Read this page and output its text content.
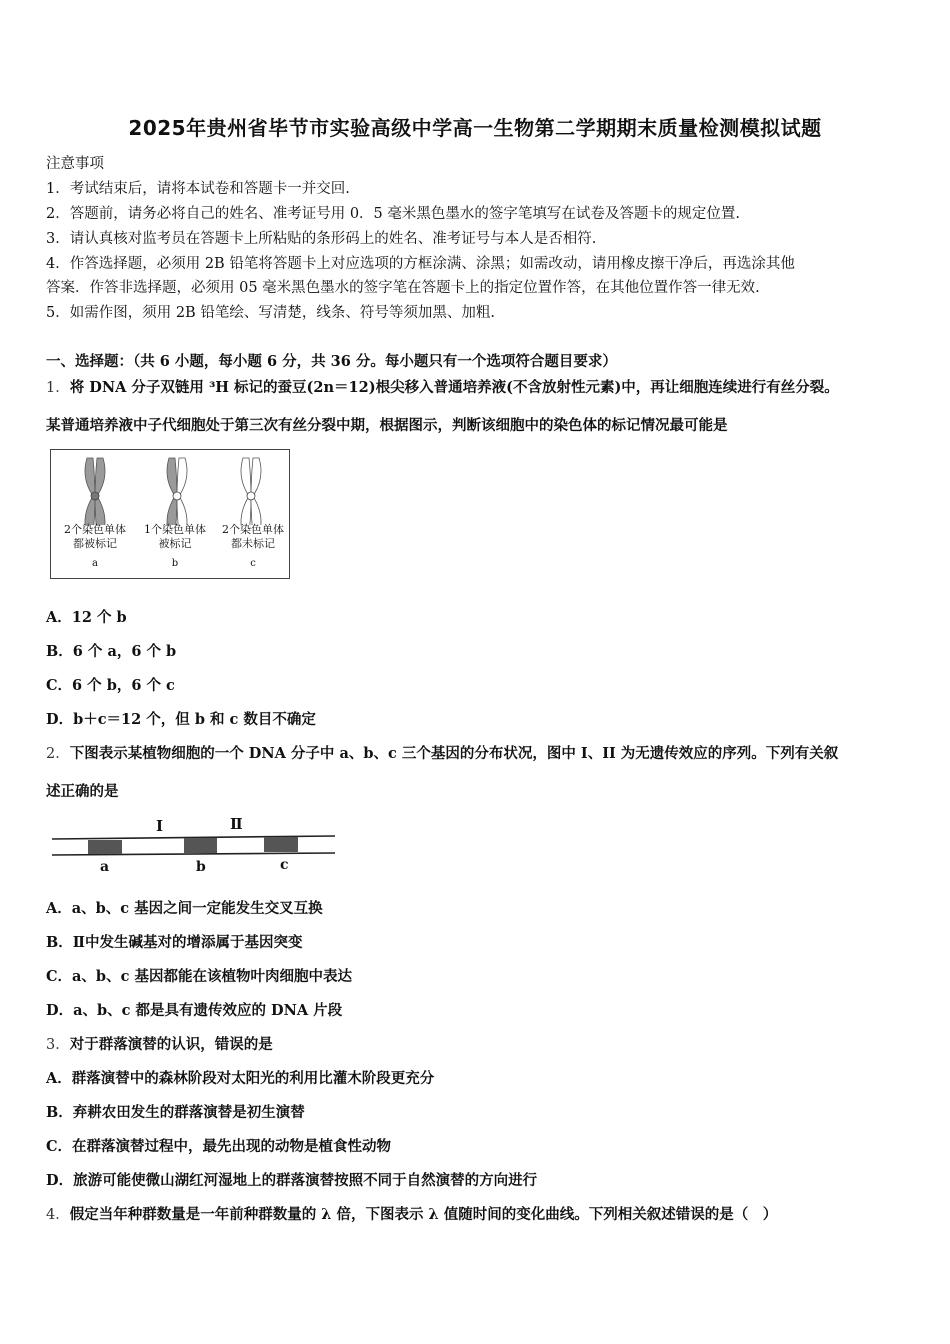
2025年贵州省毕节市实验高级中学高一生物第二学期期末质量检测模拟试题
注意事项
1．考试结束后，请将本试卷和答题卡一并交回.
2．答题前，请务必将自己的姓名、准考证号用 0．5 毫米黑色墨水的签字笔填写在试卷及答题卡的规定位置.
3．请认真核对监考员在答题卡上所粘贴的条形码上的姓名、准考证号与本人是否相符.
4．作答选择题，必须用 2B 铅笔将答题卡上对应选项的方框涂满、涂黑；如需改动，请用橡皮擦干净后，再选涂其他
答案．作答非选择题，必须用 05 毫米黑色墨水的签字笔在答题卡上的指定位置作答，在其他位置作答一律无效.
5．如需作图，须用 2B 铅笔绘、写清楚，线条、符号等须加黑、加粗.
一、选择题：（共 6 小题，每小题 6 分，共 36 分。每小题只有一个选项符合题目要求）
1．将 DNA 分子双链用 ³H 标记的蚕豆(2n＝12)根尖移入普通培养液(不含放射性元素)中，再让细胞连续进行有丝分裂。
某普通培养液中子代细胞处于第三次有丝分裂中期，根据图示，判断该细胞中的染色体的标记情况最可能是
2个染色单体都被标记
1个染色单体被标记
2个染色单体都未标记
a	b	c
A．12 个 b
B．6 个 a，6 个 b
C．6 个 b，6 个 c
D．b＋c＝12 个，但 b 和 c 数目不确定
2．下图表示某植物细胞的一个 DNA 分子中 a、b、c 三个基因的分布状况，图中 I、II 为无遗传效应的序列。下列有关叙
述正确的是
I	Ⅱ
a	b	c
A．a、b、c 基因之间一定能发生交叉互换
B．Ⅱ中发生碱基对的增添属于基因突变
C．a、b、c 基因都能在该植物叶肉细胞中表达
D．a、b、c 都是具有遗传效应的 DNA 片段
3．对于群落演替的认识，错误的是
A．群落演替中的森林阶段对太阳光的利用比灌木阶段更充分
B．弃耕农田发生的群落演替是初生演替
C．在群落演替过程中，最先出现的动物是植食性动物
D．旅游可能使微山湖红河湿地上的群落演替按照不同于自然演替的方向进行
4．假定当年种群数量是一年前种群数量的 λ 倍，下图表示 λ 值随时间的变化曲线。下列相关叙述错误的是（　）
